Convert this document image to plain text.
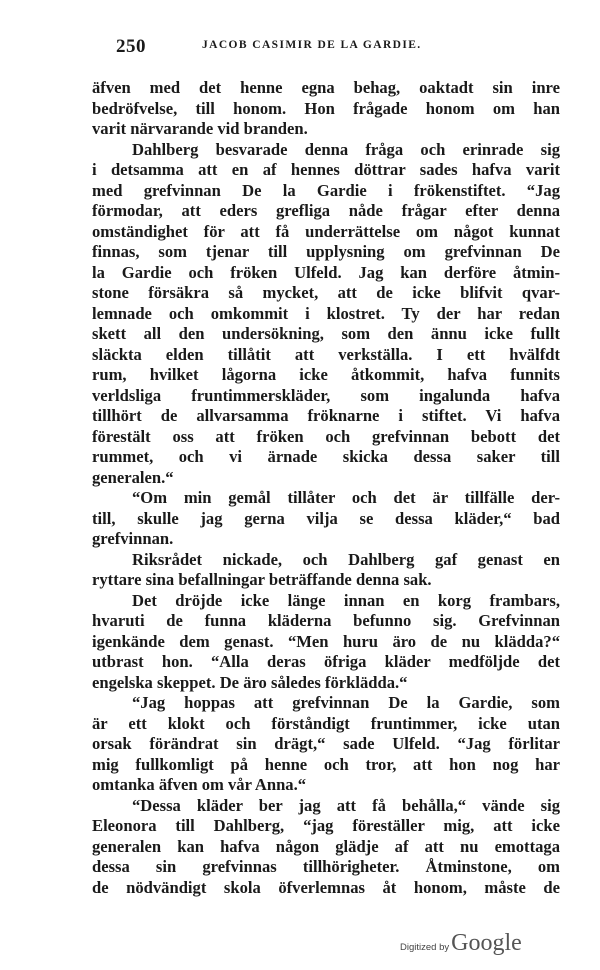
250	JACOB CASIMIR DE LA GARDIE.
äfven med det henne egna behag, oaktadt sin inre
bedröfvelse, till honom. Hon frågade honom om han
varit närvarande vid branden.
Dahlberg besvarade denna fråga och erinrade sig
i detsamma att en af hennes döttrar sades hafva varit
med grefvinnan De la Gardie i frökenstiftet. “Jag
förmodar, att eders grefliga nåde frågar efter denna
omständighet för att få underrättelse om något kunnat
finnas, som tjenar till upplysning om grefvinnan De
la Gardie och fröken Ulfeld. Jag kan derföre åtmin-
stone försäkra så mycket, att de icke blifvit qvar-
lemnade och omkommit i klostret. Ty der har redan
skett all den undersökning, som den ännu icke fullt
släckta elden tillåtit att verkställa. I ett hvälfdt
rum, hvilket lågorna icke åtkommit, hafva funnits
verldsliga fruntimmerskläder, som ingalunda hafva
tillhört de allvarsamma fröknarne i stiftet. Vi hafva
förestält oss att fröken och grefvinnan bebott det
rummet, och vi ärnade skicka dessa saker till
generalen.“
“Om min gemål tillåter och det är tillfälle der-
till, skulle jag gerna vilja se dessa kläder,“ bad
grefvinnan.
Riksrådet nickade, och Dahlberg gaf genast en
ryttare sina befallningar beträffande denna sak.
Det dröjde icke länge innan en korg frambars,
hvaruti de funna kläderna befunno sig. Grefvinnan
igenkände dem genast. “Men huru äro de nu klädda?“
utbrast hon. “Alla deras öfriga kläder medföljde det
engelska skeppet. De äro således förklädda.“
“Jag hoppas att grefvinnan De la Gardie, som
är ett klokt och förståndigt fruntimmer, icke utan
orsak förändrat sin drägt,“ sade Ulfeld. “Jag förlitar
mig fullkomligt på henne och tror, att hon nog har
omtanka äfven om vår Anna.“
“Dessa kläder ber jag att få behålla,“ vände sig
Eleonora till Dahlberg, “jag föreställer mig, att icke
generalen kan hafva någon glädje af att nu emottaga
dessa sin grefvinnas tillhörigheter. Åtminstone, om
de nödvändigt skola öfverlemnas åt honom, måste de
Digitized by Google
